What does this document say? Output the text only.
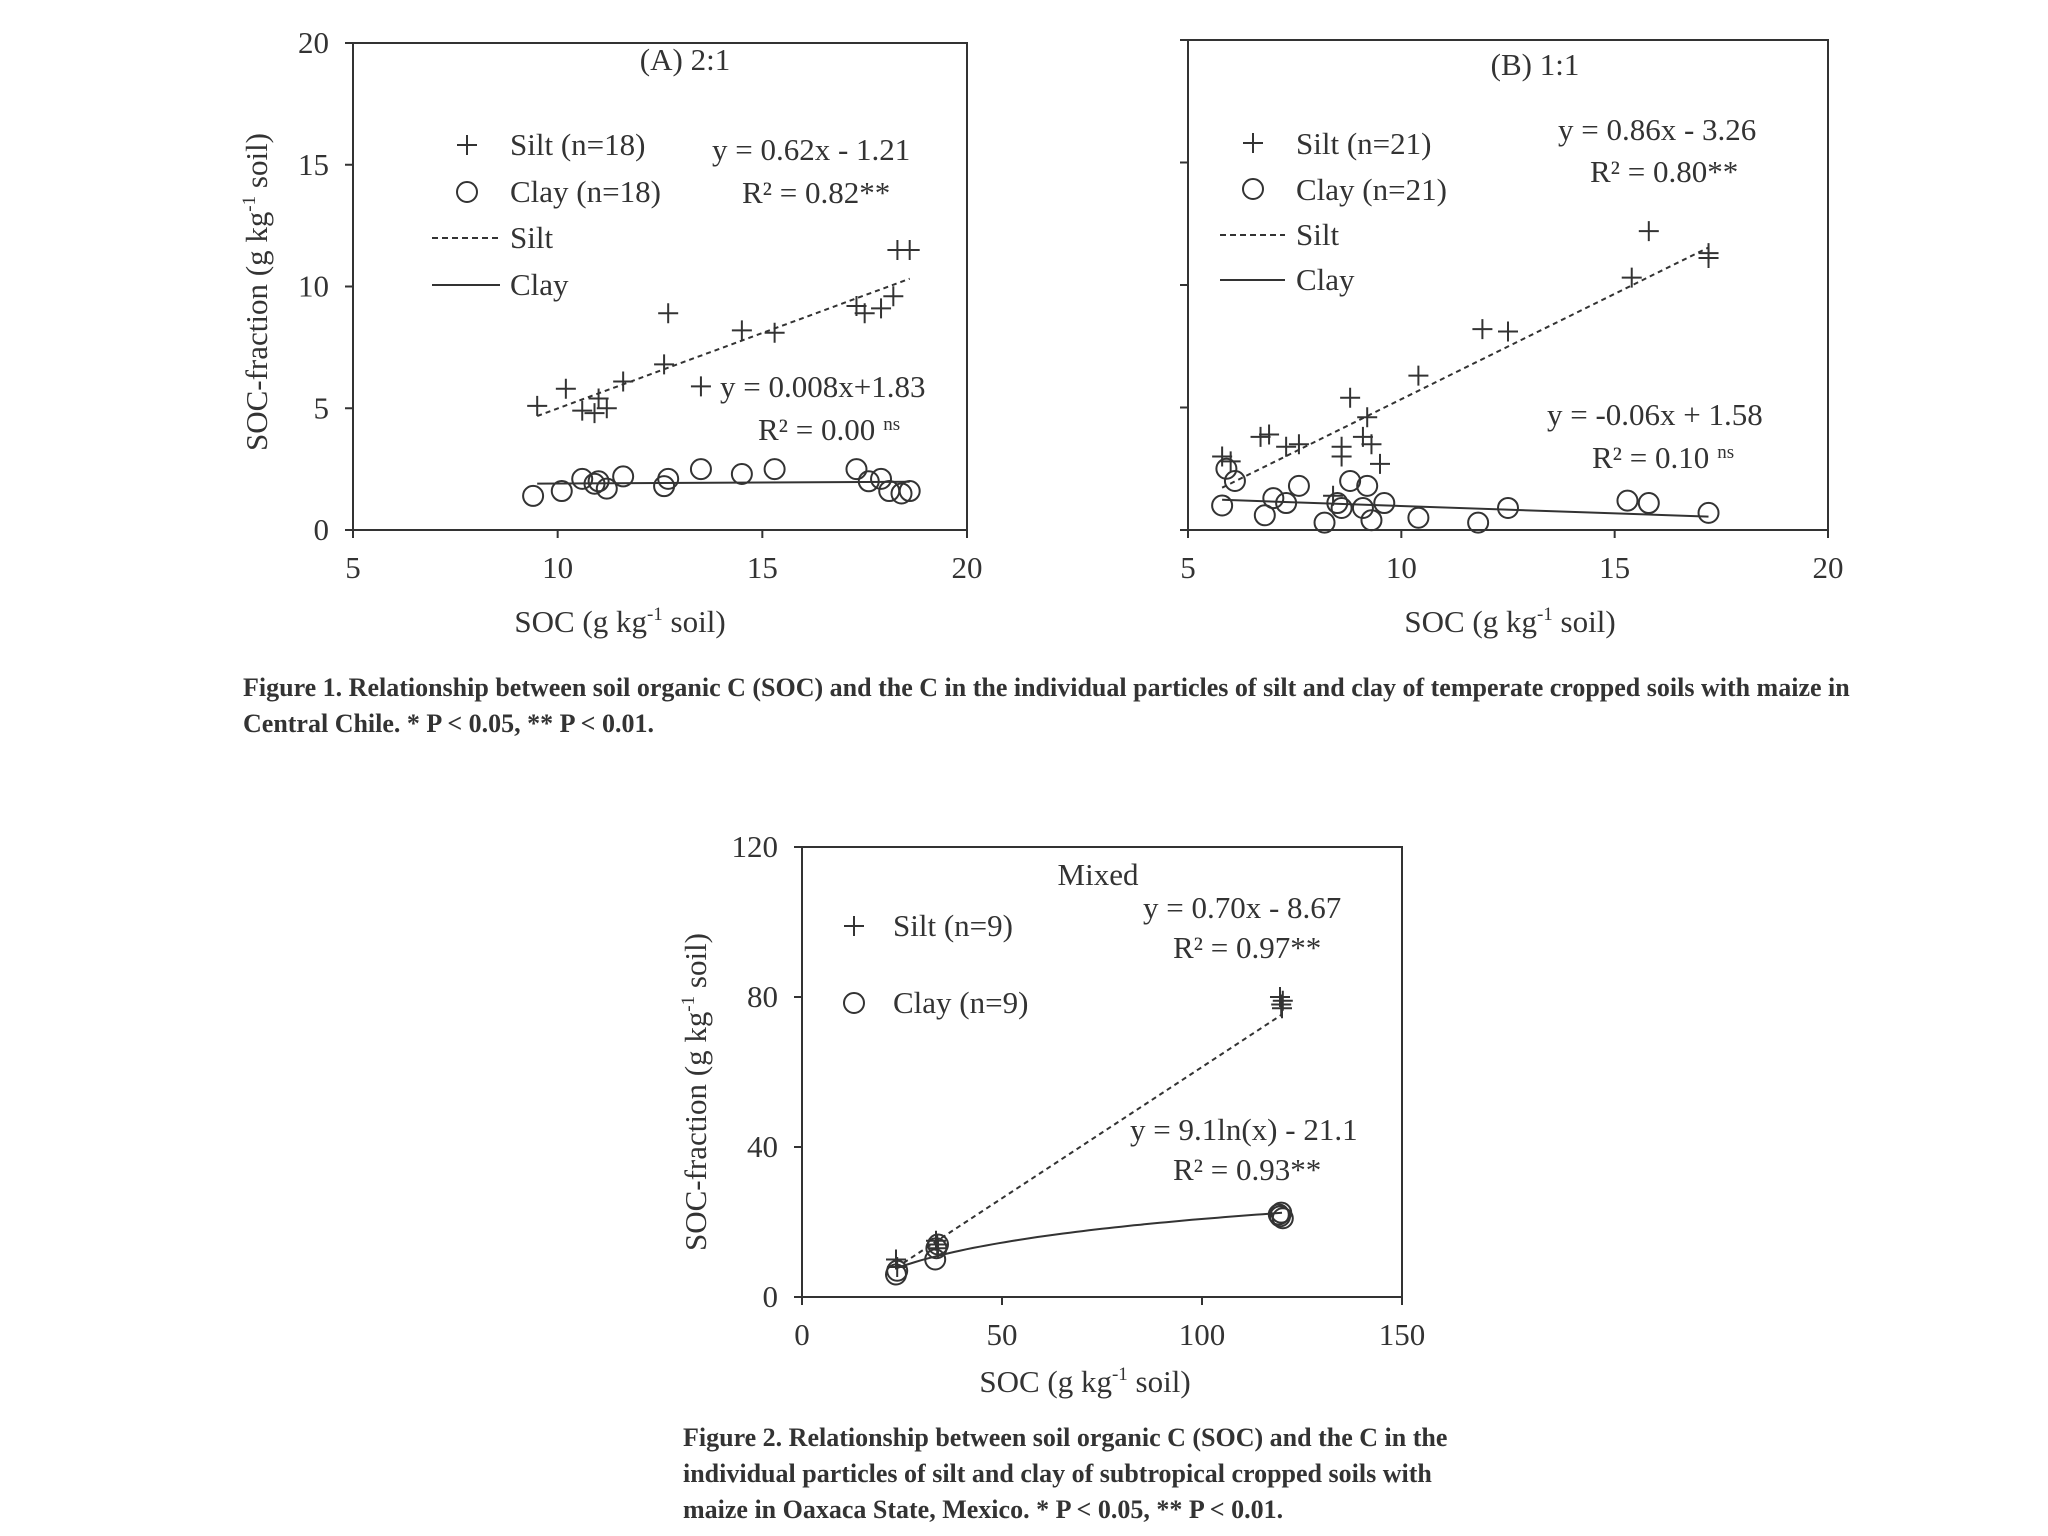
5	10	15	20
0
5
10
15
20	(A) 2:1
Silt (n=18)
Clay (n=18)
Silt
Clay
y = 0.62x - 1.21
R² = 0.82**
y = 0.008x+1.83
R² = 0.00 $^{ns}$
SOC (g $kg^{-1}$ soil)
SOC-fraction (g $kg^{-1}$ soil)
5	10	15	20
(B) 1:1
Silt (n=21)
Clay (n=21)
Silt
Clay
y = 0.86x - 3.26
R² = 0.80**
y = -0.06x + 1.58
R² = 0.10 $^{ns}$
SOC (g $kg^{-1}$ soil)
0	50	100	150
0
40
80
120
Mixed
Silt (n=9)
Clay (n=9)
y = 0.70x - 8.67
R² = 0.97**
y = 9.1ln(x) - 21.1
R² = 0.93**
SOC (g $kg^{-1}$ soil)
SOC-fraction (g $kg^{-1}$ soil)

Figure 1. Relationship between soil organic C (SOC) and the C in the individual particles of silt and clay of temperate cropped soils with maize in Central Chile. * P < 0.05, ** P < 0.01.

Figure 2. Relationship between soil organic C (SOC) and the C in the individual particles of silt and clay of subtropical cropped soils with maize in Oaxaca State, Mexico. * P < 0.05, ** P < 0.01.
